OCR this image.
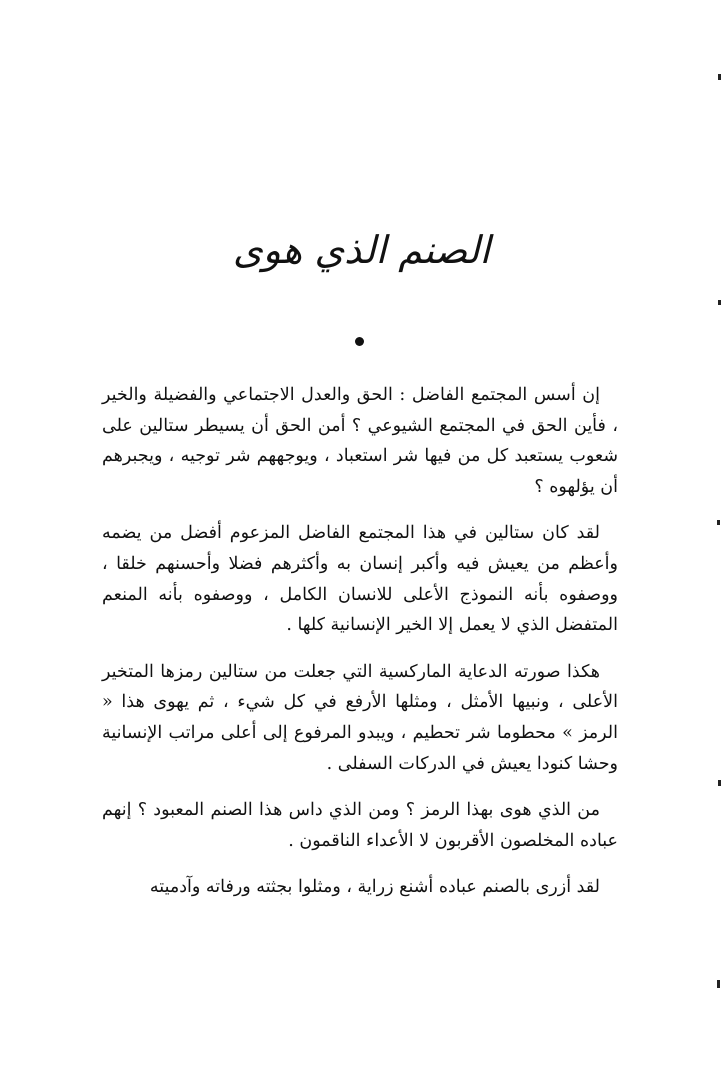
الصنم الذي هوى

إن أسس المجتمع الفاضل : الحق والعدل الاجتماعي والفضيلة والخير ، فأين الحق في المجتمع الشيوعي ؟ أمن الحق أن يسيطر ستالين على شعوب يستعبد كل من فيها شر استعباد ، ويوجههم شر توجيه ، ويجبرهم أن يؤلهوه ؟

لقد كان ستالين في هذا المجتمع الفاضل المزعوم أفضل من يضمه وأعظم من يعيش فيه وأكبر إنسان به وأكثرهم فضلا وأحسنهم خلقا ، ووصفوه بأنه النموذج الأعلى للانسان الكامل ، ووصفوه بأنه المنعم المتفضل الذي لا يعمل إلا الخير الإنسانية كلها .

هكذا صورته الدعاية الماركسية التي جعلت من ستالين رمزها المتخير الأعلى ، ونبيها الأمثل ، ومثلها الأرفع في كل شيء ، ثم يهوى هذا « الرمز » محطوما شر تحطيم ، ويبدو المرفوع إلى أعلى مراتب الإنسانية وحشا كنودا يعيش في الدركات السفلى .

من الذي هوى بهذا الرمز ؟ ومن الذي داس هذا الصنم المعبود ؟ إنهم عباده المخلصون الأقربون لا الأعداء الناقمون .

لقد أزرى بالصنم عباده أشنع زراية ، ومثلوا بجثته ورفاته وآدميته
